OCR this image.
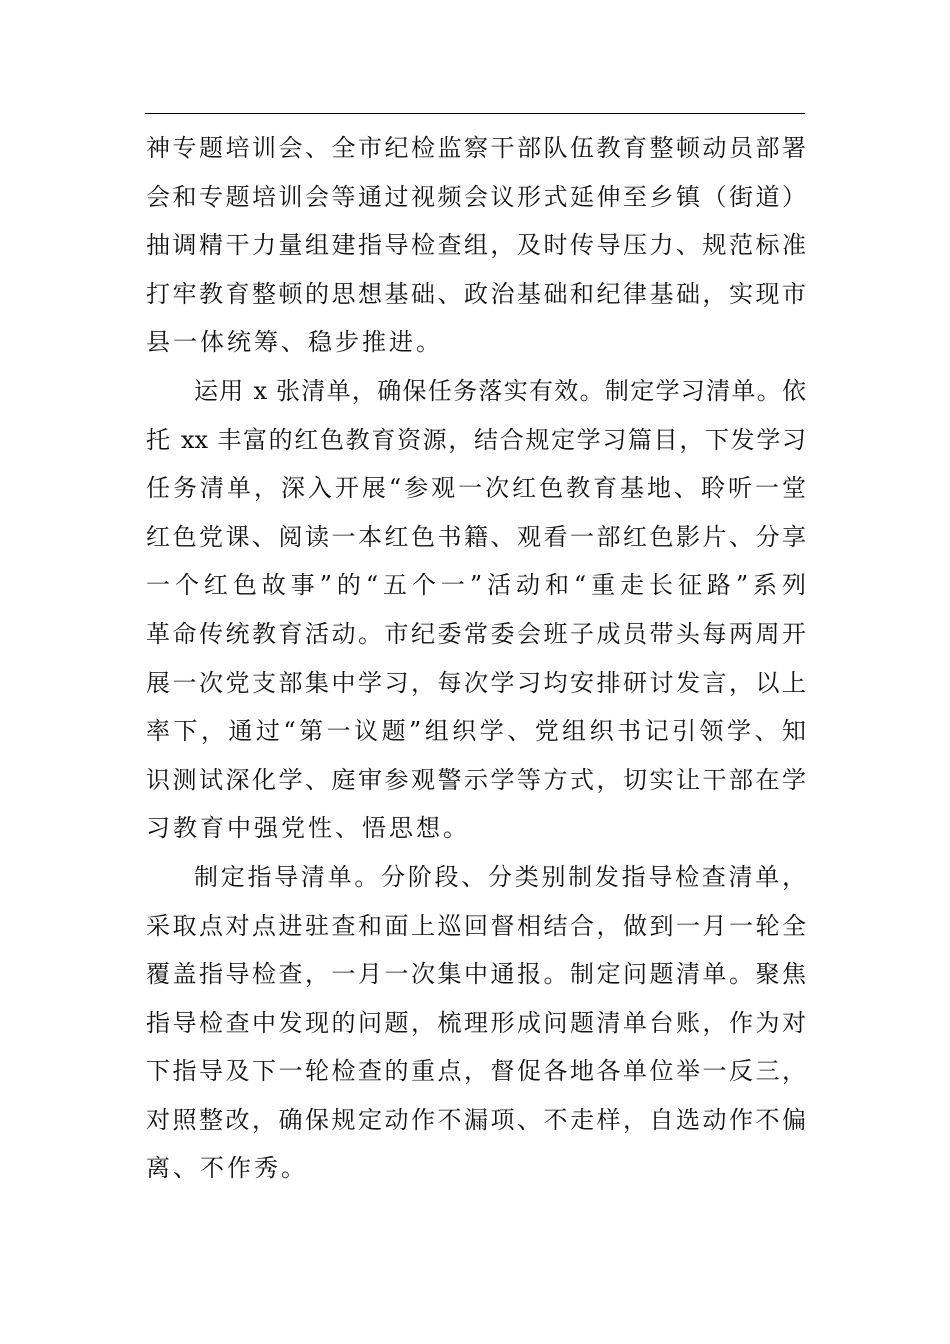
神专题培训会、全市纪检监察干部队伍教育整顿动员部署
会和专题培训会等通过视频会议形式延伸至乡镇（街道）
抽调精干力量组建指导检查组，及时传导压力、规范标准
打牢教育整顿的思想基础、政治基础和纪律基础，实现市
县一体统筹、稳步推进。
运用 x 张清单，确保任务落实有效。制定学习清单。依
托 xx 丰富的红色教育资源，结合规定学习篇目，下发学习
任务清单，深入开展“参观一次红色教育基地、聆听一堂
红色党课、阅读一本红色书籍、观看一部红色影片、分享
一个红色故事”的“五个一”活动和“重走长征路”系列
革命传统教育活动。市纪委常委会班子成员带头每两周开
展一次党支部集中学习，每次学习均安排研讨发言，以上
率下，通过“第一议题”组织学、党组织书记引领学、知
识测试深化学、庭审参观警示学等方式，切实让干部在学
习教育中强党性、悟思想。
制定指导清单。分阶段、分类别制发指导检查清单，
采取点对点进驻查和面上巡回督相结合，做到一月一轮全
覆盖指导检查，一月一次集中通报。制定问题清单。聚焦
指导检查中发现的问题，梳理形成问题清单台账，作为对
下指导及下一轮检查的重点，督促各地各单位举一反三，
对照整改，确保规定动作不漏项、不走样，自选动作不偏
离、不作秀。
